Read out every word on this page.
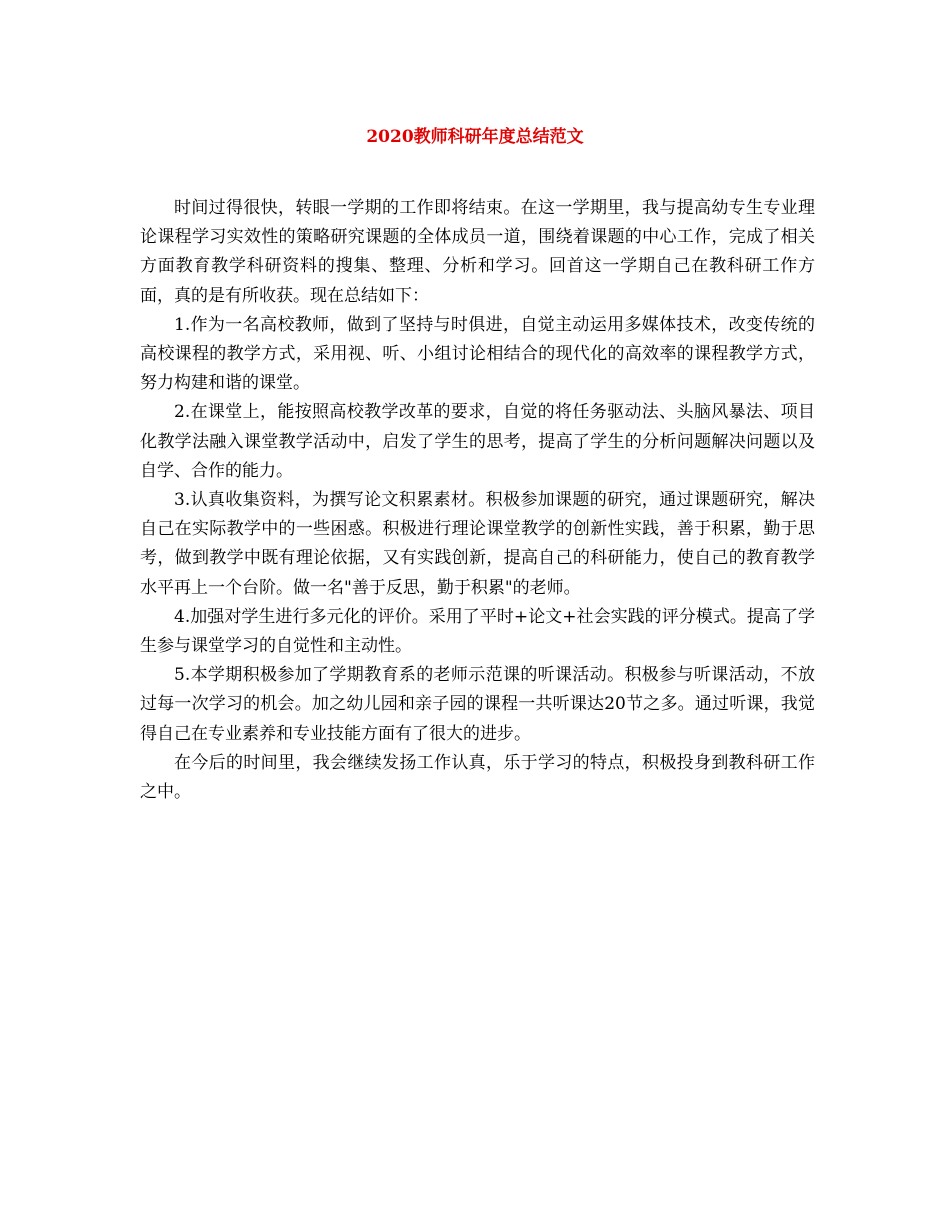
2020教师科研年度总结范文

时间过得很快，转眼一学期的工作即将结束。在这一学期里，我与提高幼专生专业理论课程学习实效性的策略研究课题的全体成员一道，围绕着课题的中心工作，完成了相关方面教育教学科研资料的搜集、整理、分析和学习。回首这一学期自己在教科研工作方面，真的是有所收获。现在总结如下：

1.作为一名高校教师，做到了坚持与时俱进，自觉主动运用多媒体技术，改变传统的高校课程的教学方式，采用视、听、小组讨论相结合的现代化的高效率的课程教学方式，努力构建和谐的课堂。

2.在课堂上，能按照高校教学改革的要求，自觉的将任务驱动法、头脑风暴法、项目化教学法融入课堂教学活动中，启发了学生的思考，提高了学生的分析问题解决问题以及自学、合作的能力。

3.认真收集资料，为撰写论文积累素材。积极参加课题的研究，通过课题研究，解决自己在实际教学中的一些困惑。积极进行理论课堂教学的创新性实践，善于积累，勤于思考，做到教学中既有理论依据，又有实践创新，提高自己的科研能力，使自己的教育教学水平再上一个台阶。做一名"善于反思，勤于积累"的老师。

4.加强对学生进行多元化的评价。采用了平时+论文+社会实践的评分模式。提高了学生参与课堂学习的自觉性和主动性。

5.本学期积极参加了学期教育系的老师示范课的听课活动。积极参与听课活动，不放过每一次学习的机会。加之幼儿园和亲子园的课程一共听课达20节之多。通过听课，我觉得自己在专业素养和专业技能方面有了很大的进步。

在今后的时间里，我会继续发扬工作认真，乐于学习的特点，积极投身到教科研工作之中。
